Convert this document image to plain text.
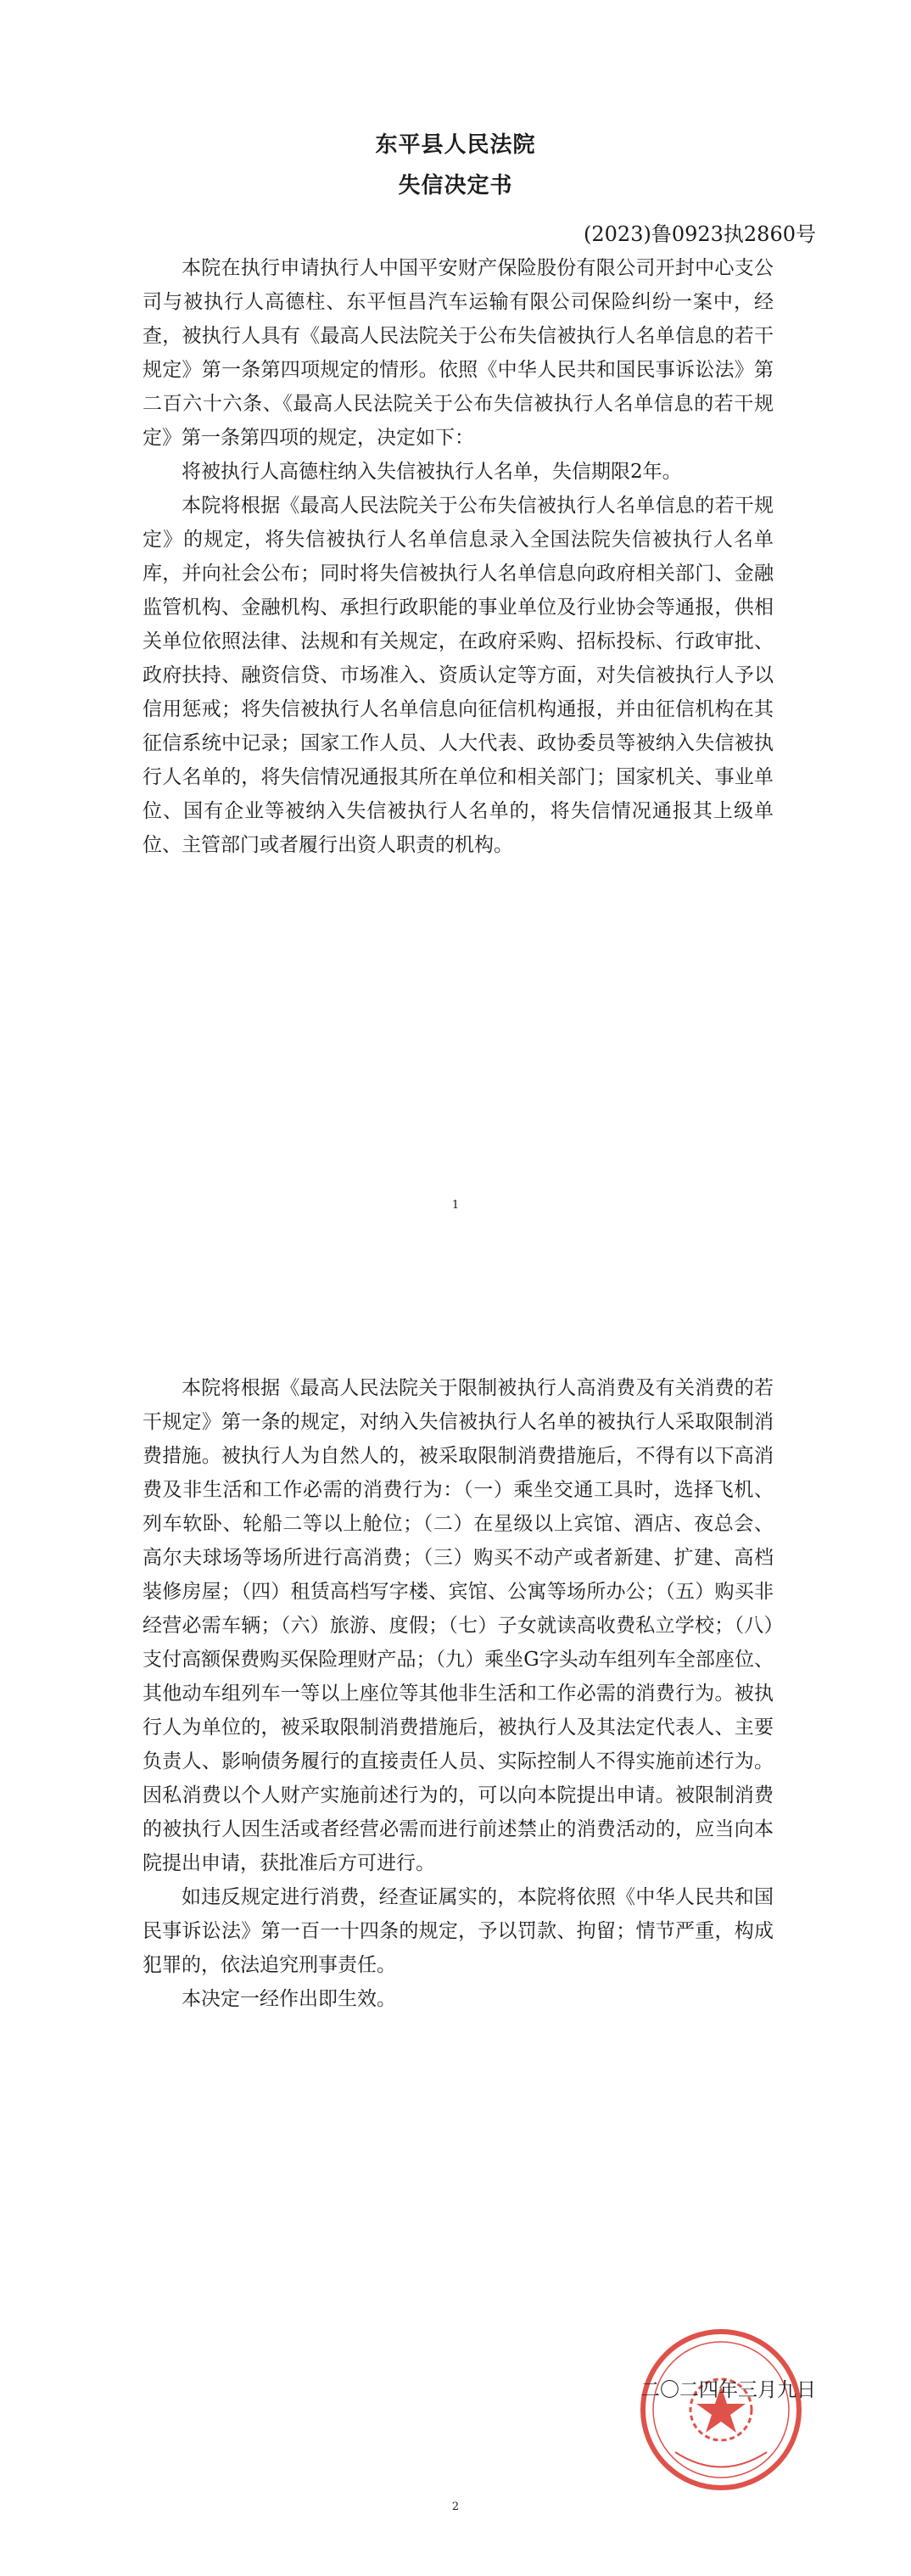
东平县人民法院
失信决定书
(2023)鲁0923执2860号

本院在执行申请执行人中国平安财产保险股份有限公司开封中心支公司与被执行人高德柱、东平恒昌汽车运输有限公司保险纠纷一案中，经查，被执行人具有《最高人民法院关于公布失信被执行人名单信息的若干规定》第一条第四项规定的情形。依照《中华人民共和国民事诉讼法》第二百六十六条、《最高人民法院关于公布失信被执行人名单信息的若干规定》第一条第四项的规定，决定如下：

将被执行人高德柱纳入失信被执行人名单，失信期限2年。

本院将根据《最高人民法院关于公布失信被执行人名单信息的若干规定》的规定，将失信被执行人名单信息录入全国法院失信被执行人名单库，并向社会公布；同时将失信被执行人名单信息向政府相关部门、金融监管机构、金融机构、承担行政职能的事业单位及行业协会等通报，供相关单位依照法律、法规和有关规定，在政府采购、招标投标、行政审批、政府扶持、融资信贷、市场准入、资质认定等方面，对失信被执行人予以信用惩戒；将失信被执行人名单信息向征信机构通报，并由征信机构在其征信系统中记录；国家工作人员、人大代表、政协委员等被纳入失信被执行人名单的，将失信情况通报其所在单位和相关部门；国家机关、事业单位、国有企业等被纳入失信被执行人名单的，将失信情况通报其上级单位、主管部门或者履行出资人职责的机构。

1

本院将根据《最高人民法院关于限制被执行人高消费及有关消费的若干规定》第一条的规定，对纳入失信被执行人名单的被执行人采取限制消费措施。被执行人为自然人的，被采取限制消费措施后，不得有以下高消费及非生活和工作必需的消费行为：（一）乘坐交通工具时，选择飞机、列车软卧、轮船二等以上舱位；（二）在星级以上宾馆、酒店、夜总会、高尔夫球场等场所进行高消费；（三）购买不动产或者新建、扩建、高档装修房屋；（四）租赁高档写字楼、宾馆、公寓等场所办公；（五）购买非经营必需车辆；（六）旅游、度假；（七）子女就读高收费私立学校；（八）支付高额保费购买保险理财产品；（九）乘坐G字头动车组列车全部座位、其他动车组列车一等以上座位等其他非生活和工作必需的消费行为。被执行人为单位的，被采取限制消费措施后，被执行人及其法定代表人、主要负责人、影响债务履行的直接责任人员、实际控制人不得实施前述行为。因私消费以个人财产实施前述行为的，可以向本院提出申请。被限制消费的被执行人因生活或者经营必需而进行前述禁止的消费活动的，应当向本院提出申请，获批准后方可进行。

如违反规定进行消费，经查证属实的，本院将依照《中华人民共和国民事诉讼法》第一百一十四条的规定，予以罚款、拘留；情节严重，构成犯罪的，依法追究刑事责任。

本决定一经作出即生效。

二〇二四年三月九日
2
